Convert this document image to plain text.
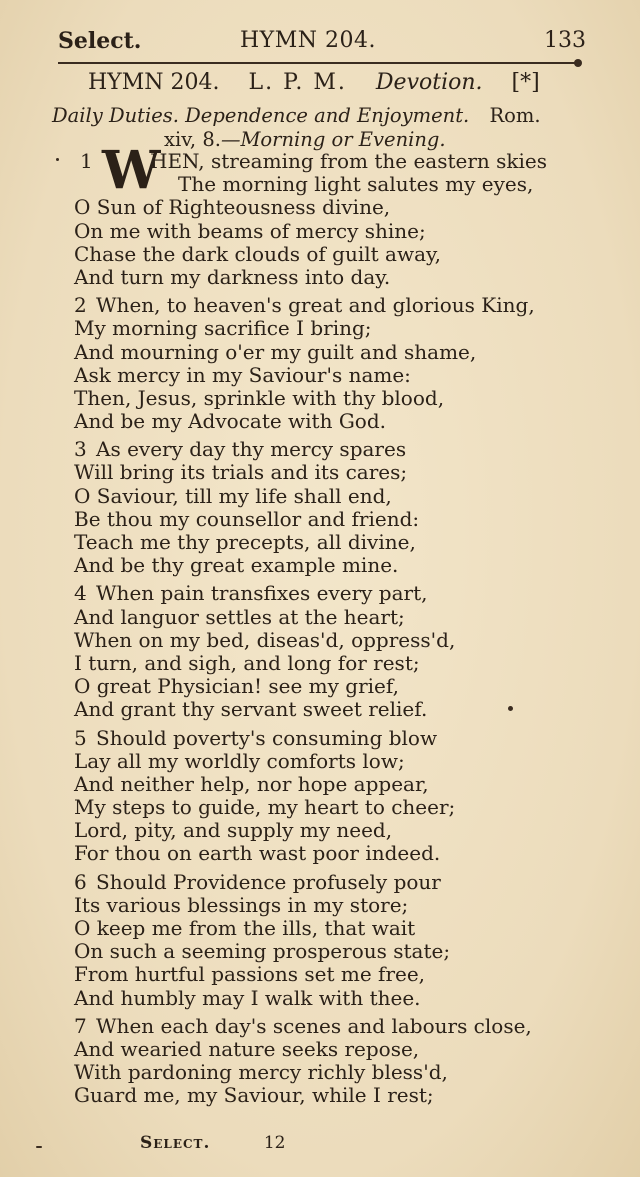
Select.	HYMN 204.	133
HYMN 204. L. P. M. Devotion. [*]
Daily Duties. Dependence and Enjoyment. Rom.
xiv, 8.—Morning or Evening.
1 W
HEN, streaming from the eastern skies
The morning light salutes my eyes,
O Sun of Righteousness divine,
On me with beams of mercy shine;
Chase the dark clouds of guilt away,
And turn my darkness into day.
2 When, to heaven's great and glorious King,
My morning sacrifice I bring;
And mourning o'er my guilt and shame,
Ask mercy in my Saviour's name:
Then, Jesus, sprinkle with thy blood,
And be my Advocate with God.
3 As every day thy mercy spares
Will bring its trials and its cares;
O Saviour, till my life shall end,
Be thou my counsellor and friend:
Teach me thy precepts, all divine,
And be thy great example mine.
4 When pain transfixes every part,
And languor settles at the heart;
When on my bed, diseas'd, oppress'd,
I turn, and sigh, and long for rest;
O great Physician! see my grief,
And grant thy servant sweet relief.
5 Should poverty's consuming blow
Lay all my worldly comforts low;
And neither help, nor hope appear,
My steps to guide, my heart to cheer;
Lord, pity, and supply my need,
For thou on earth wast poor indeed.
6 Should Providence profusely pour
Its various blessings in my store;
O keep me from the ills, that wait
On such a seeming prosperous state;
From hurtful passions set me free,
And humbly may I walk with thee.
7 When each day's scenes and labours close,
And wearied nature seeks repose,
With pardoning mercy richly bless'd,
Guard me, my Saviour, while I rest;
Select.	12
